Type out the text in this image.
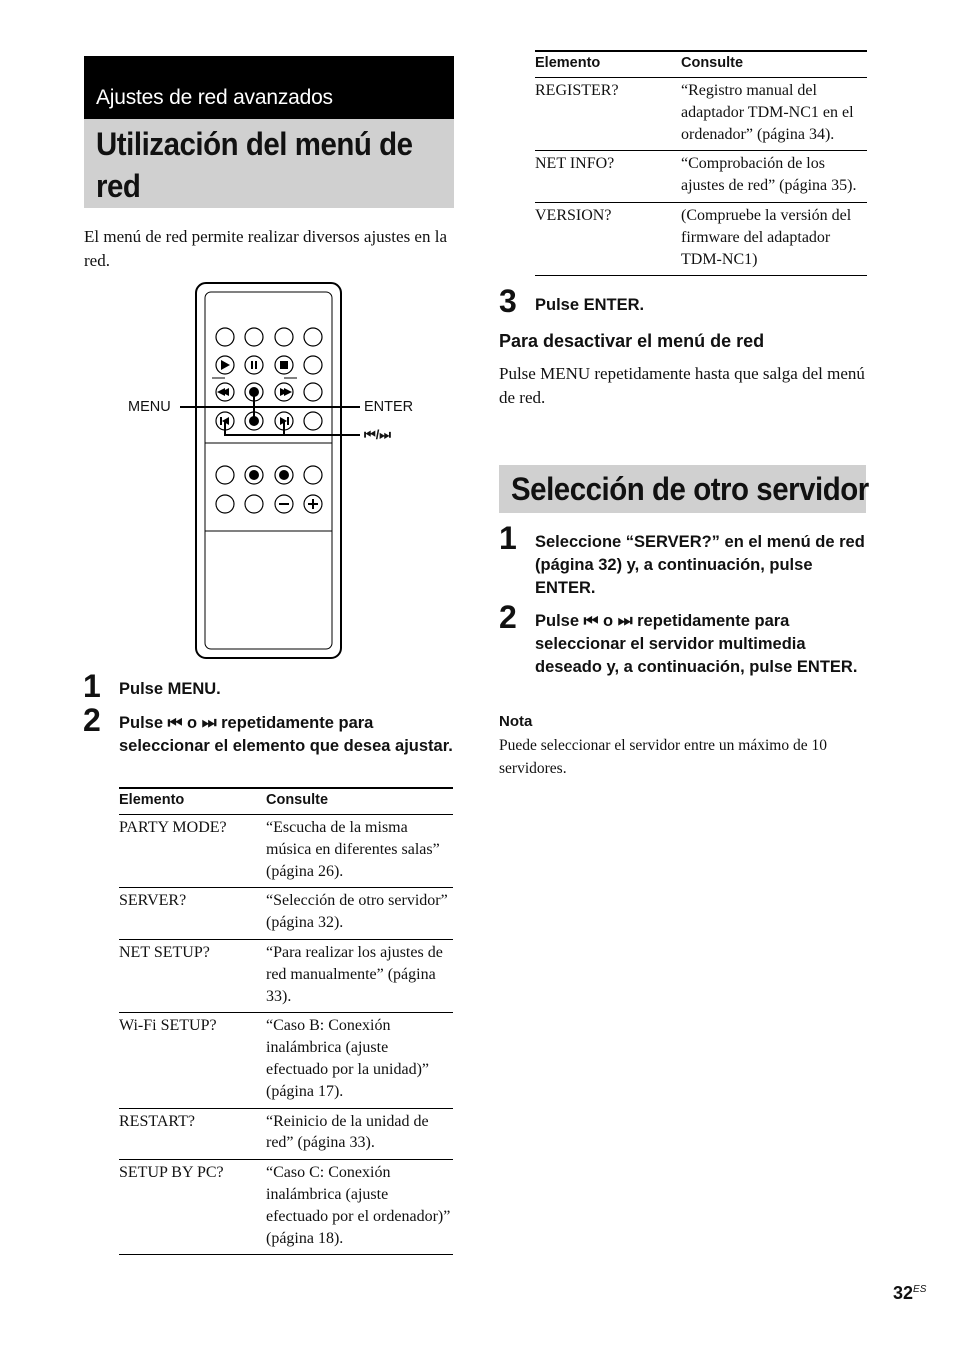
Ajustes de red avanzados
Utilización del menú de red
El menú de red permite realizar diversos ajustes en la red.
MENU	ENTER
⏮/⏭
1 Pulse MENU.
2 Pulse ⏮ o ⏭ repetidamente para seleccionar el elemento que desea ajustar.
Elemento	Consulte
PARTY MODE?	“Escucha de la misma música en diferentes salas” (página 26).
SERVER?	“Selección de otro servidor” (página 32).
NET SETUP?	“Para realizar los ajustes de red manualmente” (página 33).
Wi-Fi SETUP?	“Caso B: Conexión inalámbrica (ajuste efectuado por la unidad)” (página 17).
RESTART?	“Reinicio de la unidad de red” (página 33).
SETUP BY PC?	“Caso C: Conexión inalámbrica (ajuste efectuado por el ordenador)” (página 18).
Elemento	Consulte
REGISTER?	“Registro manual del adaptador TDM-NC1 en el ordenador” (página 34).
NET INFO?	“Comprobación de los ajustes de red” (página 35).
VERSION?	(Compruebe la versión del firmware del adaptador TDM-NC1)
3 Pulse ENTER.
Para desactivar el menú de red
Pulse MENU repetidamente hasta que salga del menú de red.
Selección de otro servidor
1 Seleccione “SERVER?” en el menú de red (página 32) y, a continuación, pulse ENTER.
2 Pulse ⏮ o ⏭ repetidamente para seleccionar el servidor multimedia deseado y, a continuación, pulse ENTER.
Nota
Puede seleccionar el servidor entre un máximo de 10 servidores.
$32^{ES}$
